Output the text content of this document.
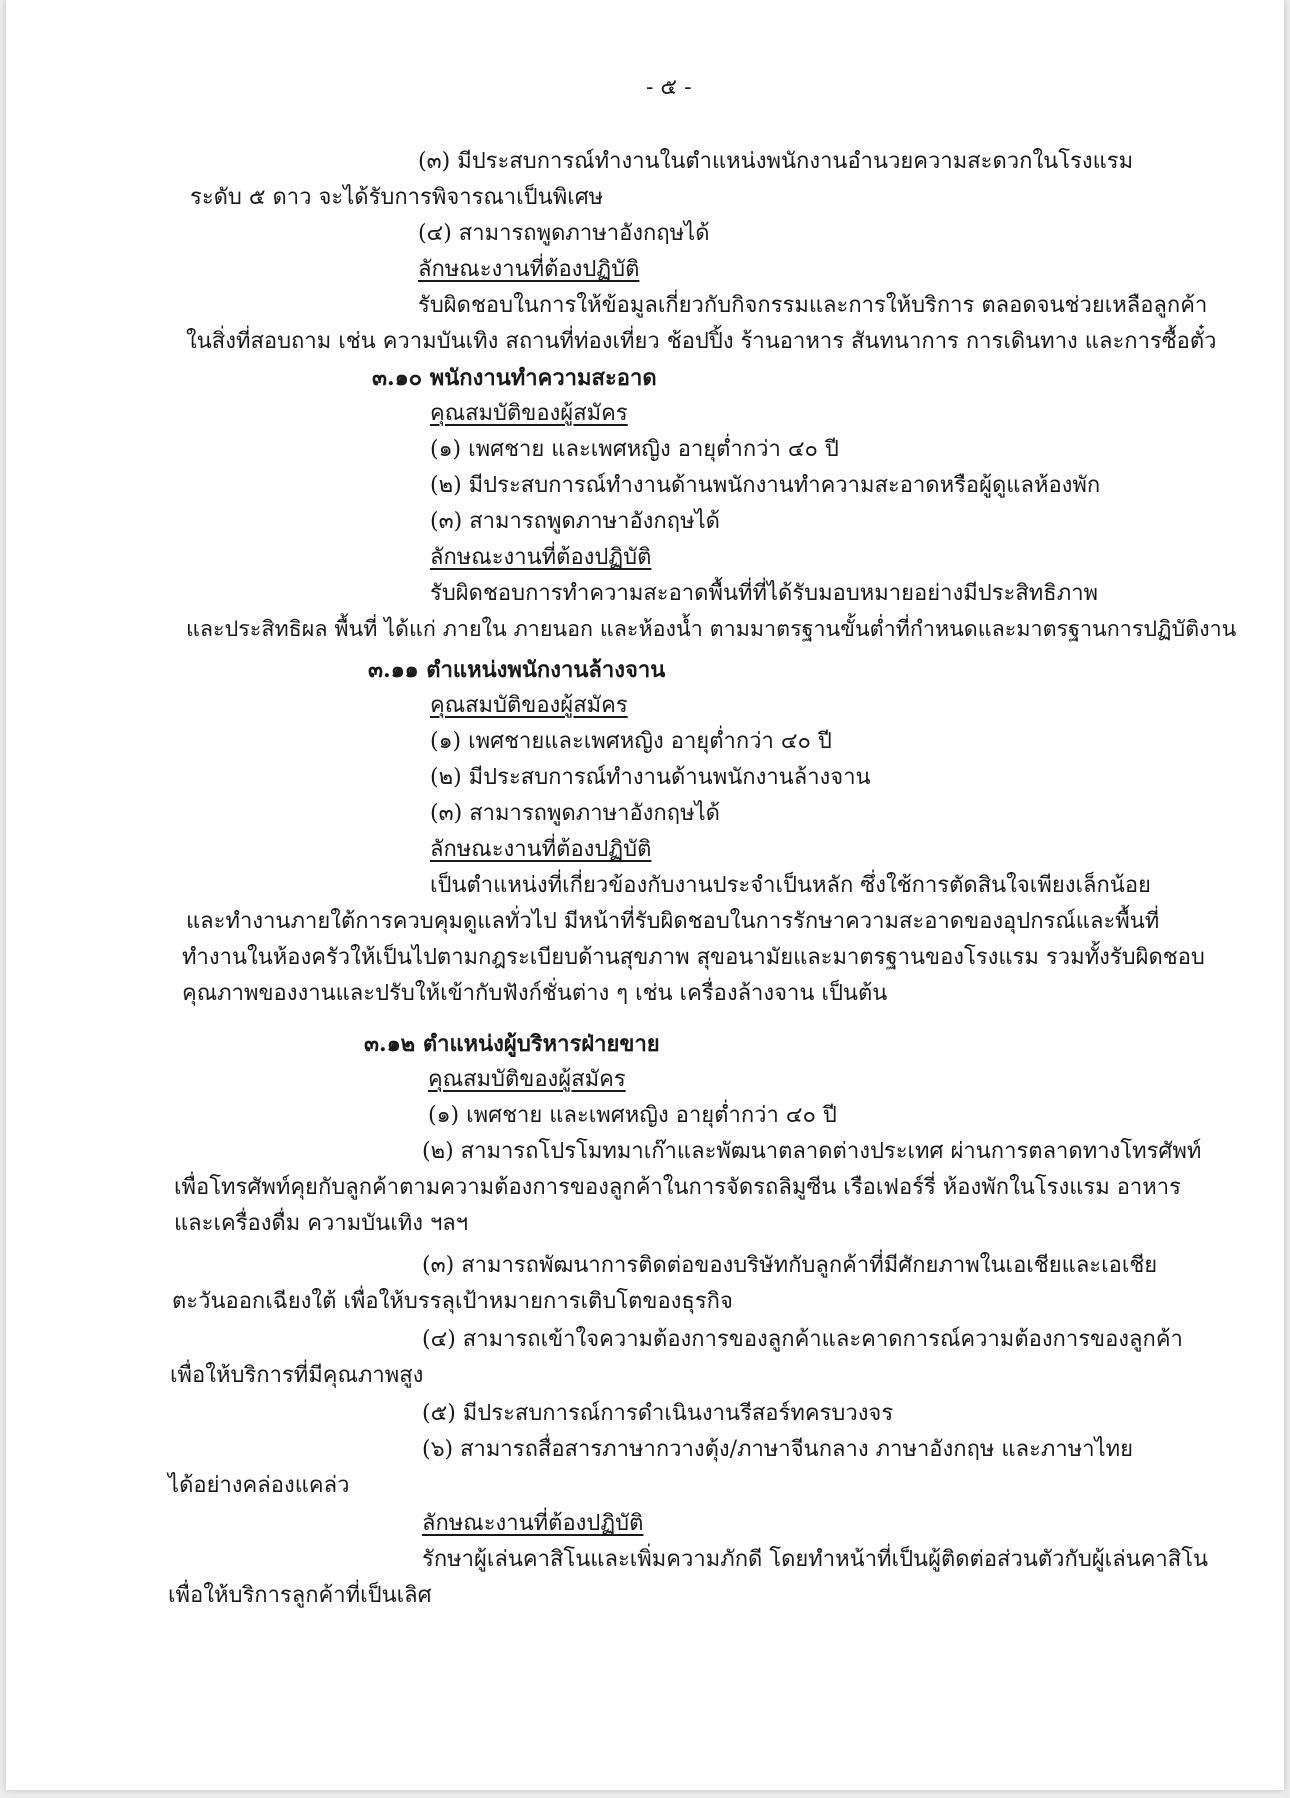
- ๕ -
(๓) มีประสบการณ์ทำงานในตำแหน่งพนักงานอำนวยความสะดวกในโรงแรม
ระดับ ๕ ดาว จะได้รับการพิจารณาเป็นพิเศษ
(๔) สามารถพูดภาษาอังกฤษได้
ลักษณะงานที่ต้องปฏิบัติ
รับผิดชอบในการให้ข้อมูลเกี่ยวกับกิจกรรมและการให้บริการ ตลอดจนช่วยเหลือลูกค้า
ในสิ่งที่สอบถาม เช่น ความบันเทิง สถานที่ท่องเที่ยว ช้อปปิ้ง ร้านอาหาร สันทนาการ การเดินทาง และการซื้อตั๋ว
๓.๑๐ พนักงานทำความสะอาด
คุณสมบัติของผู้สมัคร
(๑) เพศชาย และเพศหญิง อายุต่ำกว่า ๔๐ ปี
(๒) มีประสบการณ์ทำงานด้านพนักงานทำความสะอาดหรือผู้ดูแลห้องพัก
(๓) สามารถพูดภาษาอังกฤษได้
ลักษณะงานที่ต้องปฏิบัติ
รับผิดชอบการทำความสะอาดพื้นที่ที่ได้รับมอบหมายอย่างมีประสิทธิภาพ
และประสิทธิผล พื้นที่ ได้แก่ ภายใน ภายนอก และห้องน้ำ ตามมาตรฐานขั้นต่ำที่กำหนดและมาตรฐานการปฏิบัติงาน
๓.๑๑ ตำแหน่งพนักงานล้างจาน
คุณสมบัติของผู้สมัคร
(๑) เพศชายและเพศหญิง อายุต่ำกว่า ๔๐ ปี
(๒) มีประสบการณ์ทำงานด้านพนักงานล้างจาน
(๓) สามารถพูดภาษาอังกฤษได้
ลักษณะงานที่ต้องปฏิบัติ
เป็นตำแหน่งที่เกี่ยวข้องกับงานประจำเป็นหลัก ซึ่งใช้การตัดสินใจเพียงเล็กน้อย
และทำงานภายใต้การควบคุมดูแลทั่วไป มีหน้าที่รับผิดชอบในการรักษาความสะอาดของอุปกรณ์และพื้นที่
ทำงานในห้องครัวให้เป็นไปตามกฎระเบียบด้านสุขภาพ สุขอนามัยและมาตรฐานของโรงแรม รวมทั้งรับผิดชอบ
คุณภาพของงานและปรับให้เข้ากับฟังก์ชั่นต่าง ๆ เช่น เครื่องล้างจาน เป็นต้น
๓.๑๒ ตำแหน่งผู้บริหารฝ่ายขาย
คุณสมบัติของผู้สมัคร
(๑) เพศชาย และเพศหญิง อายุต่ำกว่า ๔๐ ปี
(๒) สามารถโปรโมทมาเก๊าและพัฒนาตลาดต่างประเทศ ผ่านการตลาดทางโทรศัพท์
เพื่อโทรศัพท์คุยกับลูกค้าตามความต้องการของลูกค้าในการจัดรถลิมูซีน เรือเฟอร์รี่ ห้องพักในโรงแรม อาหาร
และเครื่องดื่ม ความบันเทิง ฯลฯ
(๓) สามารถพัฒนาการติดต่อของบริษัทกับลูกค้าที่มีศักยภาพในเอเชียและเอเชีย
ตะวันออกเฉียงใต้ เพื่อให้บรรลุเป้าหมายการเติบโตของธุรกิจ
(๔) สามารถเข้าใจความต้องการของลูกค้าและคาดการณ์ความต้องการของลูกค้า
เพื่อให้บริการที่มีคุณภาพสูง
(๕) มีประสบการณ์การดำเนินงานรีสอร์ทครบวงจร
(๖) สามารถสื่อสารภาษากวางตุ้ง/ภาษาจีนกลาง ภาษาอังกฤษ และภาษาไทย
ได้อย่างคล่องแคล่ว
ลักษณะงานที่ต้องปฏิบัติ
รักษาผู้เล่นคาสิโนและเพิ่มความภักดี โดยทำหน้าที่เป็นผู้ติดต่อส่วนตัวกับผู้เล่นคาสิโน
เพื่อให้บริการลูกค้าที่เป็นเลิศ
